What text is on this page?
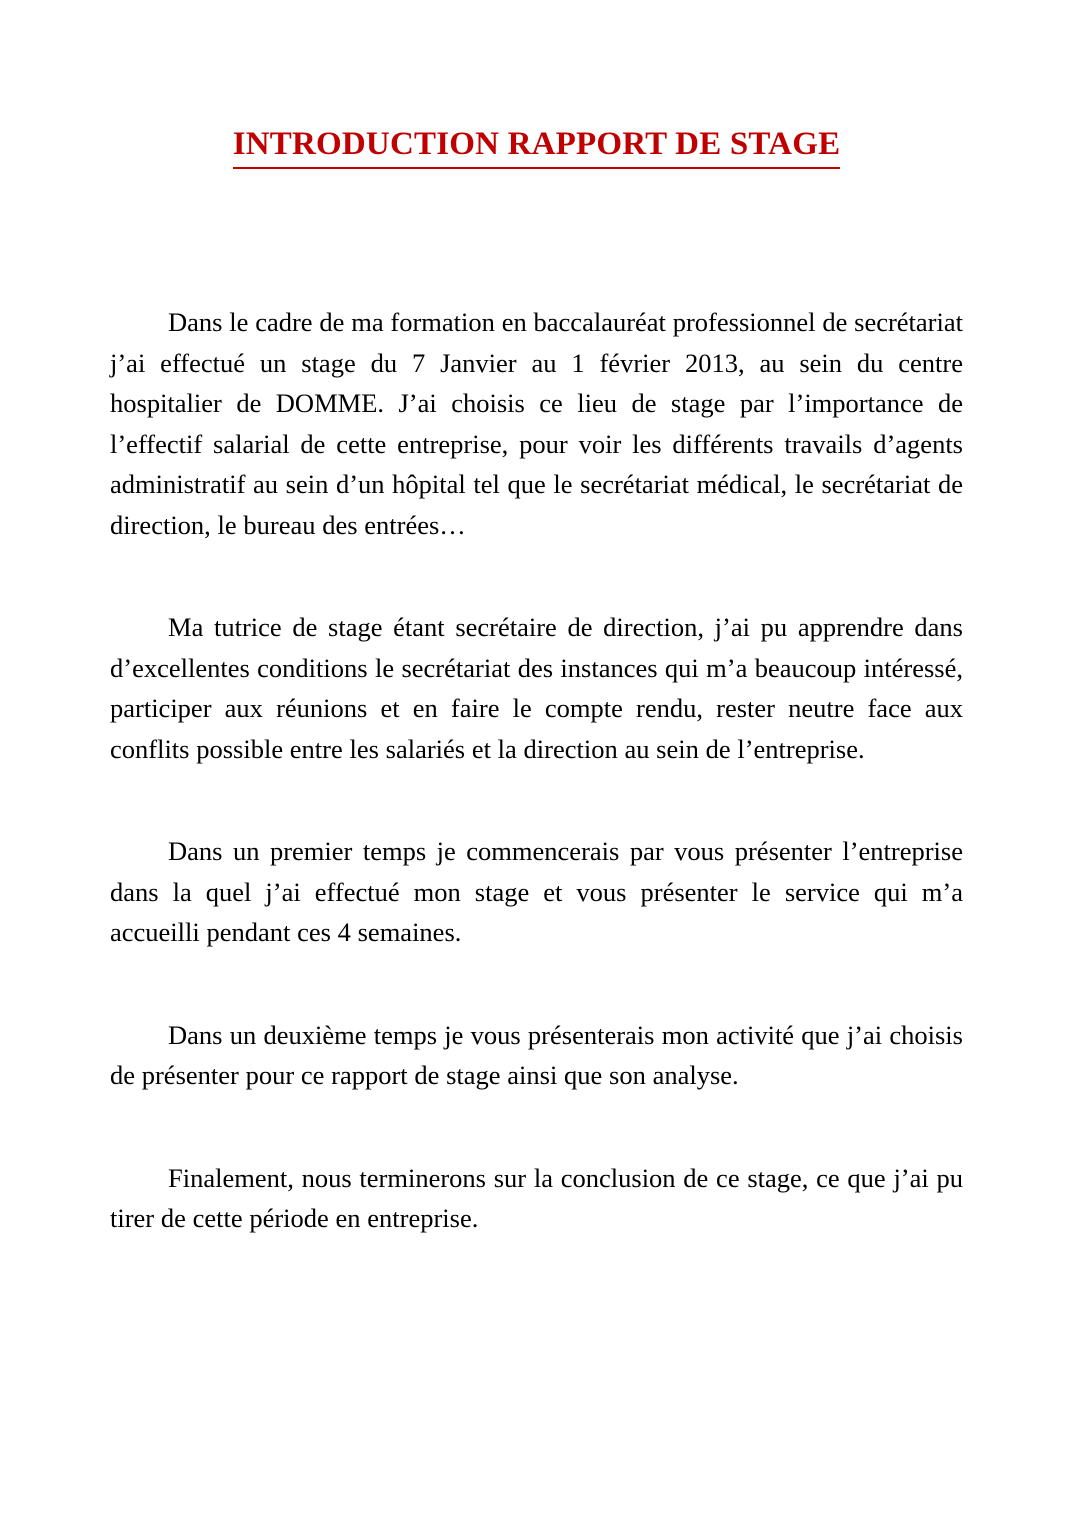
INTRODUCTION RAPPORT DE STAGE

Dans le cadre de ma formation en baccalauréat professionnel de secrétariat j’ai effectué un stage du 7 Janvier au 1 février 2013, au sein du centre hospitalier de DOMME. J’ai choisis ce lieu de stage par l’importance de l’effectif salarial de cette entreprise, pour voir les différents travails d’agents administratif au sein d’un hôpital tel que le secrétariat médical, le secrétariat de direction, le bureau des entrées…

Ma tutrice de stage étant secrétaire de direction, j’ai pu apprendre dans d’excellentes conditions le secrétariat des instances qui m’a beaucoup intéressé, participer aux réunions et en faire le compte rendu, rester neutre face aux conflits possible entre les salariés et la direction au sein de l’entreprise.

Dans un premier temps je commencerais par vous présenter l’entreprise dans la quel j’ai effectué mon stage et vous présenter le service qui m’a accueilli pendant ces 4 semaines.

Dans un deuxième temps je vous présenterais mon activité que j’ai choisis de présenter pour ce rapport de stage ainsi que son analyse.

Finalement, nous terminerons sur la conclusion de ce stage, ce que j’ai pu tirer de cette période en entreprise.
